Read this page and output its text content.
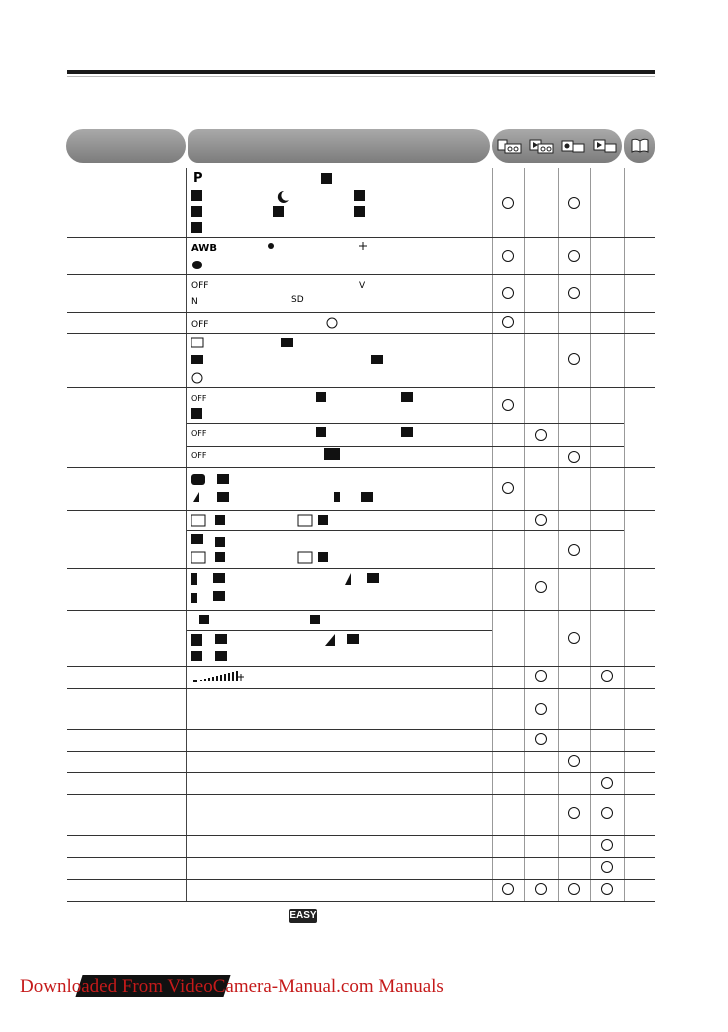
P
AWB
OFF	V
N	SD
OFF
OFF
OFF
OFF
EASY
Downloaded From VideoCamera-Manual.com Manuals
